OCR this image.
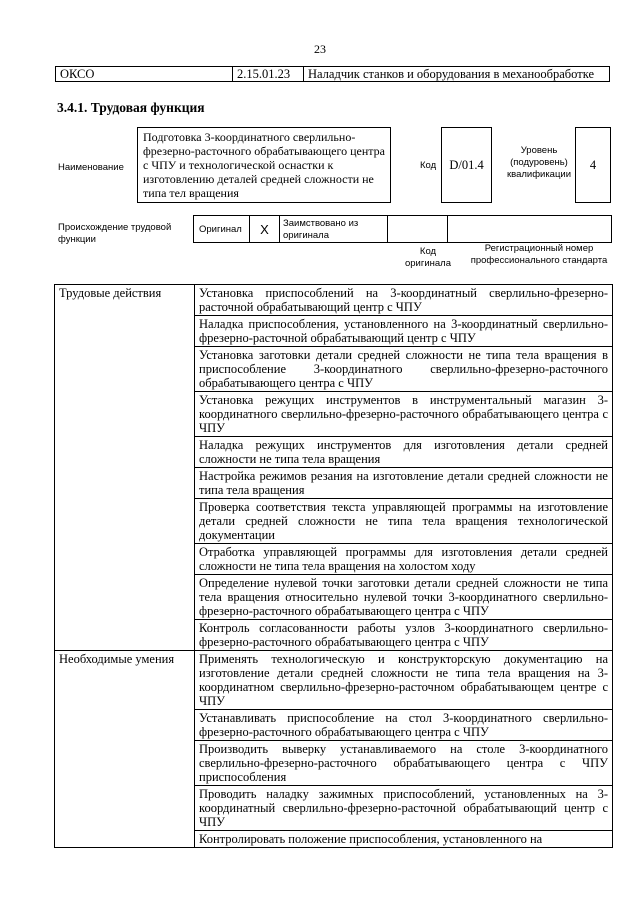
23
ОКСО	2.15.01.23	Наладчик станков и оборудования в механообработке
3.4.1. Трудовая функция
Наименование
Подготовка 3-координатного сверлильно-фрезерно-расточного обрабатывающего центра с ЧПУ и технологической оснастки к изготовлению деталей средней сложности не типа тел вращения
Код	D/01.4
Уровень (подуровень) квалификации
4
Происхождение трудовой функции
Оригинал	X	Заимствовано из оригинала
Код оригинала
Регистрационный номер профессионального стандарта
Трудовые действия	Установка приспособлений на 3-координатный сверлильно-фрезерно-расточной обрабатывающий центр с ЧПУ
	Наладка приспособления, установленного на 3-координатный сверлильно-фрезерно-расточной обрабатывающий центр с ЧПУ
	Установка заготовки детали средней сложности не типа тела вращения в приспособление 3-координатного сверлильно-фрезерно-расточного обрабатывающего центра с ЧПУ
	Установка режущих инструментов в инструментальный магазин 3-координатного сверлильно-фрезерно-расточного обрабатывающего центра с ЧПУ
	Наладка режущих инструментов для изготовления детали средней сложности не типа тела вращения
	Настройка режимов резания на изготовление детали средней сложности не типа тела вращения
	Проверка соответствия текста управляющей программы на изготовление детали средней сложности не типа тела вращения технологической документации
	Отработка управляющей программы для изготовления детали средней сложности не типа тела вращения на холостом ходу
	Определение нулевой точки заготовки детали средней сложности не типа тела вращения относительно нулевой точки 3-координатного сверлильно-фрезерно-расточного обрабатывающего центра с ЧПУ
	Контроль согласованности работы узлов 3-координатного сверлильно-фрезерно-расточного обрабатывающего центра с ЧПУ
Необходимые умения	Применять технологическую и конструкторскую документацию на изготовление детали средней сложности не типа тела вращения на 3-координатном сверлильно-фрезерно-расточном обрабатывающем центре с ЧПУ
	Устанавливать приспособление на стол 3-координатного сверлильно-фрезерно-расточного обрабатывающего центра с ЧПУ
	Производить выверку устанавливаемого на столе 3-координатного сверлильно-фрезерно-расточного обрабатывающего центра с ЧПУ приспособления
	Проводить наладку зажимных приспособлений, установленных на 3-координатный сверлильно-фрезерно-расточной обрабатывающий центр с ЧПУ
	Контролировать положение приспособления, установленного на
